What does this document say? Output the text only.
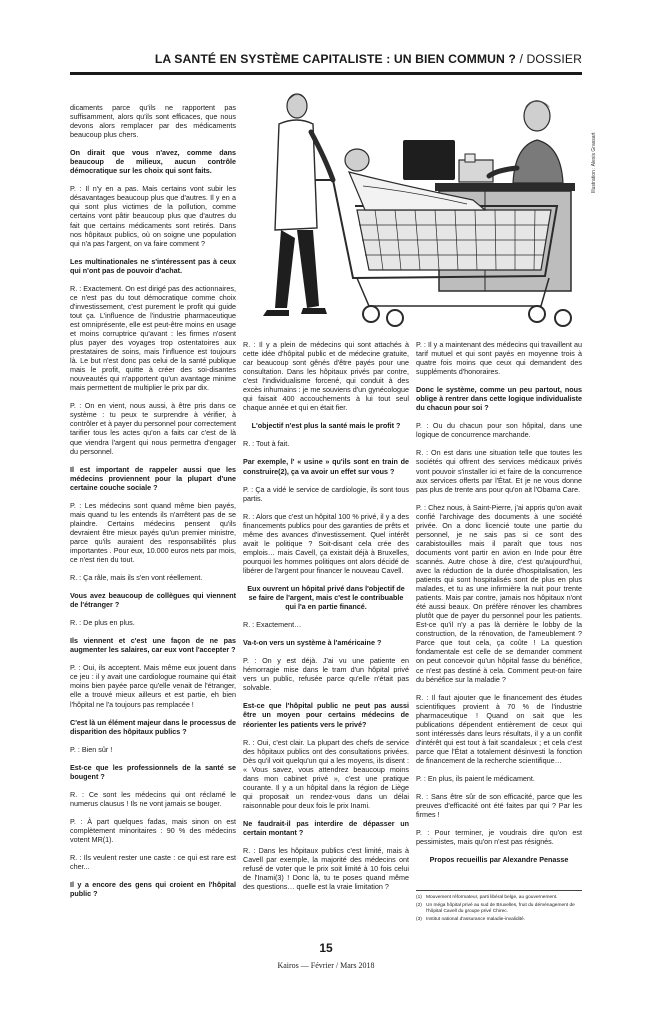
LA SANTÉ EN SYSTÈME CAPITALISTE : UN BIEN COMMUN ? / DOSSIER
Illustration : Alexis Grassart

dicaments parce qu'ils ne rapportent pas suffisamment, alors qu'ils sont efficaces, que nous devons alors remplacer par des médicaments beaucoup plus chers.

On dirait que vous n'avez, comme dans beaucoup de milieux, aucun contrôle démocratique sur les choix qui sont faits.

P. : Il n'y en a pas. Mais certains vont subir les désavantages beaucoup plus que d'autres. Il y en a qui sont plus victimes de la pollution, comme certains vont pâtir beaucoup plus que d'autres du fait que certains médicaments sont retirés. Dans nos hôpitaux publics, où on soigne une population qui n'a pas l'argent, on va faire comment ?

Les multinationales ne s'intéressent pas à ceux qui n'ont pas de pouvoir d'achat.

R. : Exactement. On est dirigé pas des actionnaires, ce n'est pas du tout démocratique comme choix d'investissement, c'est purement le profit qui guide tout ça. L'influence de l'industrie pharmaceutique est omniprésente, elle est peut-être moins en usage et moins corruptrice qu'avant : les firmes n'osent plus payer des voyages trop ostentatoires aux prestataires de soins, mais l'influence est toujours là. Le but n'est donc pas celui de la santé publique mais le profit, quitte à créer des soi-disantes nouveautés qui n'apportent qu'un avantage minime mais permettent de multiplier le prix par dix.

P. : On en vient, nous aussi, à être pris dans ce système : tu peux te surprendre à vérifier, à contrôler et à payer du personnel pour correctement tarifier tous les actes qu'on a faits car c'est de là que viendra l'argent qui nous permettra d'engager du personnel.

Il est important de rappeler aussi que les médecins proviennent pour la plupart d'une certaine couche sociale ?

P. : Les médecins sont quand même bien payés, mais quand tu les entends ils n'arrêtent pas de se plaindre. Certains médecins pensent qu'ils devraient être mieux payés qu'un premier ministre, parce qu'ils auraient des responsabilités plus importantes . Pour eux, 10.000 euros nets par mois, ce n'est rien du tout.

R. : Ça râle, mais ils s'en vont réellement.

Vous avez beaucoup de collègues qui viennent de l'étranger ?

R. : De plus en plus.

Ils viennent et c'est une façon de ne pas augmenter les salaires, car eux vont l'accepter ?

P. : Oui, ils acceptent. Mais même eux jouent dans ce jeu : il y avait une cardiologue roumaine qui était moins bien payée parce qu'elle venait de l'étranger, elle a trouvé mieux ailleurs et est partie, eh bien l'hôpital ne l'a toujours pas remplacée !

C'est là un élément majeur dans le processus de disparition des hôpitaux publics ?

P. : Bien sûr !

Est-ce que les professionnels de la santé se bougent ?

R. : Ce sont les médecins qui ont réclamé le numerus clausus ! Ils ne vont jamais se bouger.

P. : À part quelques fadas, mais sinon on est complètement minoritaires : 90 % des médecins votent MR(1).

R. : Ils veulent rester une caste : ce qui est rare est cher...

Il y a encore des gens qui croient en l'hôpital public ?

R. : Il y a plein de médecins qui sont attachés à cette idée d'hôpital public et de médecine gratuite, car beaucoup sont gênés d'être payés pour une consultation. Dans les hôpitaux privés par contre, c'est l'individualisme forcené, qui conduit à des excès inhumains : je me souviens d'un gynécologue qui faisait 400 accouchements à lui tout seul chaque année et qui en était fier.

L'objectif n'est plus la santé mais le profit ?

R. : Tout à fait.

Par exemple, l' « usine » qu'ils sont en train de construire(2), ça va avoir un effet sur vous ?

P. : Ça a vidé le service de cardiologie, ils sont tous partis.

R. : Alors que c'est un hôpital 100 % privé, il y a des financements publics pour des garanties de prêts et même des avances d'investissement. Quel intérêt avait le politique ? Soit-disant cela crée des emplois… mais Cavell, ça existait déjà à Bruxelles, pourquoi les hommes politiques ont alors décidé de libérer de l'argent pour financer le nouveau Cavell.

Eux ouvrent un hôpital privé dans l'objectif de se faire de l'argent, mais c'est le contribuable qui l'a en partie financé.

R. : Exactement…

Va-t-on vers un système à l'américaine ?

P. : On y est déjà. J'ai vu une patiente en hémorragie mise dans le tram d'un hôpital privé vers un public, refusée parce qu'elle n'était pas solvable.

Est-ce que l'hôpital public ne peut pas aussi être un moyen pour certains médecins de réorienter les patients vers le privé?

R. : Oui, c'est clair. La plupart des chefs de service des hôpitaux publics ont des consultations privées. Dès qu'il voit quelqu'un qui a les moyens, ils disent : « Vous savez, vous attendrez beaucoup moins dans mon cabinet privé », c'est une pratique courante. Il y a un hôpital dans la région de Liège qui proposait un rendez-vous dans un délai raisonnable pour deux fois le prix Inami.

Ne faudrait-il pas interdire de dépasser un certain montant ?

R. : Dans les hôpitaux publics c'est limité, mais à Cavell par exemple, la majorité des médecins ont refusé de voter que le prix soit limité à 10 fois celui de l'Inami(3) ! Donc là, tu te poses quand même des questions… quelle est la vraie limitation ?

P. : Il y a maintenant des médecins qui travaillent au tarif mutuel et qui sont payés en moyenne trois à quatre fois moins que ceux qui demandent des suppléments d'honoraires.

Donc le système, comme un peu partout, nous oblige à rentrer dans cette logique individualiste du chacun pour soi ?

P. : Ou du chacun pour son hôpital, dans une logique de concurrence marchande.

R. : On est dans une situation telle que toutes les sociétés qui offrent des services médicaux privés vont pouvoir s'installer ici et faire de la concurrence aux services offerts par l'État. Et je ne vous donne pas plus de trente ans pour qu'on ait l'Obama Care.

P. : Chez nous, à Saint-Pierre, j'ai appris qu'on avait confié l'archivage des documents à une société privée. On a donc licencié toute une partie du personnel, je ne sais pas si ce sont des carabistouilles mais il paraît que tous nos documents vont partir en avion en Inde pour être scannés. Autre chose à dire, c'est qu'aujourd'hui, avec la réduction de la durée d'hospitalisation, les patients qui sont hospitalisés sont de plus en plus malades, et tu as une infirmière la nuit pour trente patients. Mais par contre, jamais nos hôpitaux n'ont été aussi beaux. On préfère rénover les chambres plutôt que de payer du personnel pour les patients. Est-ce qu'il n'y a pas là derrière le lobby de la construction, de la rénovation, de l'ameublement ? Parce que tout cela, ça coûte ! La question fondamentale est celle de se demander comment on peut concevoir qu'un hôpital fasse du bénéfice, ce n'est pas destiné à cela. Comment peut-on faire du bénéfice sur la maladie ?

R. : Il faut ajouter que le financement des études scientifiques provient à 70 % de l'industrie pharmaceutique ! Quand on sait que les publications dépendent entièrement de ceux qui sont intéressés dans leurs résultats, il y a un conflit d'intérêt qui est tout à fait scandaleux ; et cela c'est parce que l'État a totalement désinvesti la fonction de financement de la recherche scientifique…

P. : En plus, ils paient le médicament.

R. : Sans être sûr de son efficacité, parce que les preuves d'efficacité ont été faites par qui ? Par les firmes !

P. : Pour terminer, je voudrais dire qu'on est pessimistes, mais qu'on n'est pas résignés.

Propos recueillis par Alexandre Penasse

(1) Mouvement réformateur, parti libéral belge, au gouvernement.
(2) Un méga hôpital privé au sud de Bruxelles, fruit du déménagement de l'hôpital Cavell du groupe privé Chirec.
(3) Institut national d'assurance maladie-invalidité.
15
Kairos — Février / Mars 2018
